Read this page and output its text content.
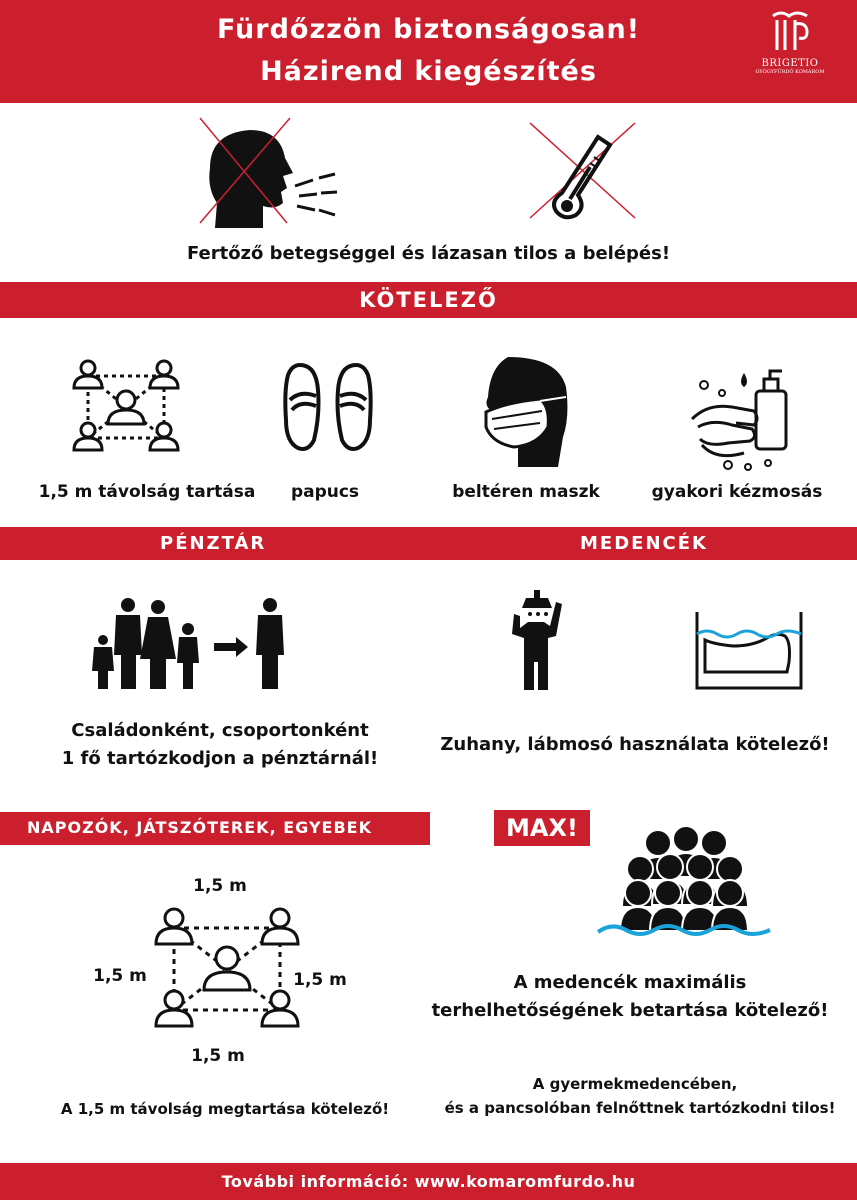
Fürdőzzön biztonságosan!
Házirend kiegészítés	BRIGETIO
GYÓGYFÜRDŐ KOMÁROM
Fertőző betegséggel és lázasan tilos a belépés!
KÖTELEZŐ
1,5 m távolság tartása	papucs	beltéren maszk	gyakori kézmosás
PÉNZTÁR	MEDENCÉK
Családonként, csoportonként
1 fő tartózkodjon a pénztárnál!
Zuhany, lábmosó használata kötelező!
NAPOZÓK, JÁTSZÓTEREK, EGYEBEK	MAX!
1,5 m
1,5 m	1,5 m
1,5 m
A 1,5 m távolság megtartása kötelező!
A medencék maximális
terhelhetőségének betartása kötelező!
A gyermekmedencében,
és a pancsolóban felnőttnek tartózkodni tilos!
További információ: www.komaromfurdo.hu
